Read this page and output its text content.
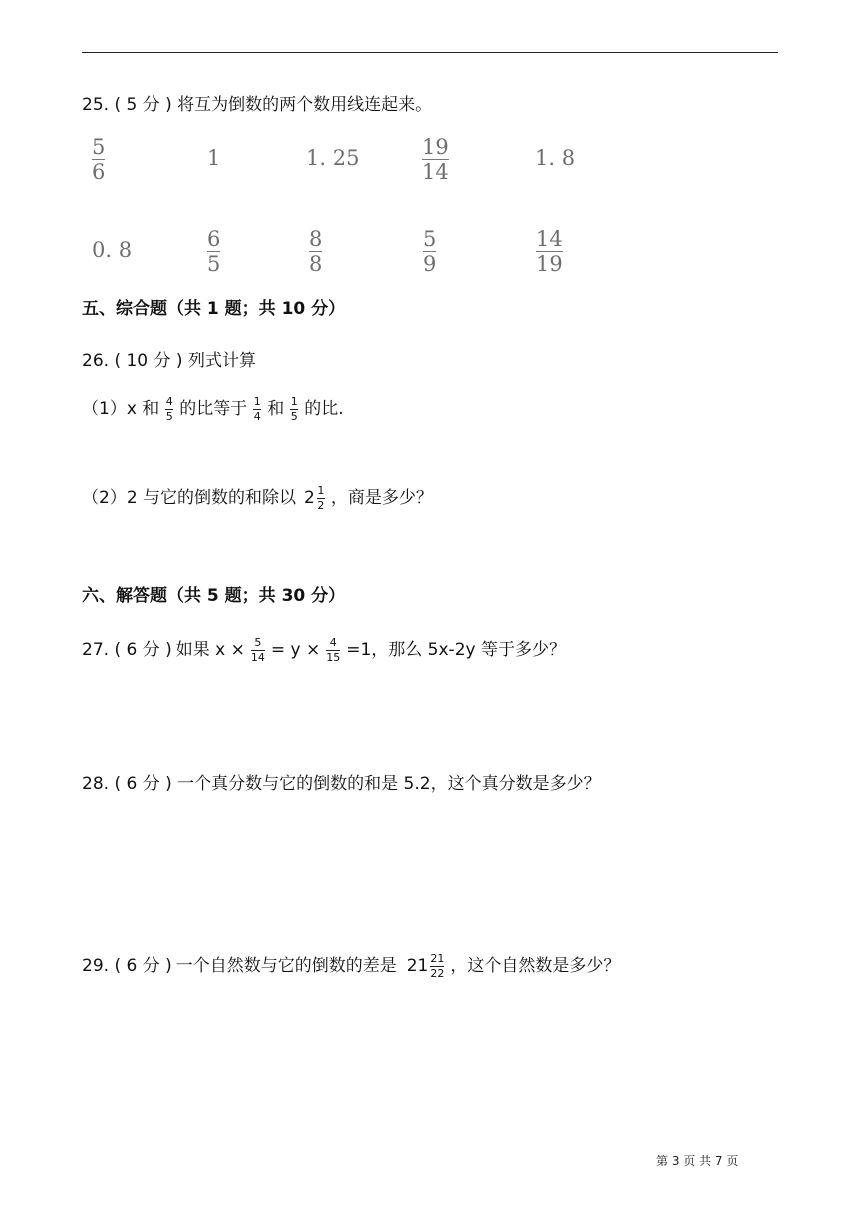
25. ( 5 分 ) 将互为倒数的两个数用线连起来。
$\frac{5}{6}$	1	1. 25	$\frac{19}{14}$	1. 8
0. 8	$\frac{6}{5}$	$\frac{8}{8}$	$\frac{5}{9}$	$\frac{14}{19}$
五、综合题（共 1 题；共 10 分）
26. ( 10 分 ) 列式计算
（1）x 和 $\frac{4}{5}$ 的比等于 $\frac{1}{4}$ 和 $\frac{1}{5}$ 的比.
（2）2 与它的倒数的和除以 $2 \frac{1}{2}$ ，商是多少？
六、解答题（共 5 题；共 30 分）
27. ( 6 分 ) 如果 $x \times \frac{5}{14} = y \times \frac{4}{15} =1$，那么 5x-2y 等于多少？
28. ( 6 分 ) 一个真分数与它的倒数的和是 5.2，这个真分数是多少？
29. ( 6 分 ) 一个自然数与它的倒数的差是 $21 \frac{21}{22}$ ，这个自然数是多少？
第 3 页 共 7 页
